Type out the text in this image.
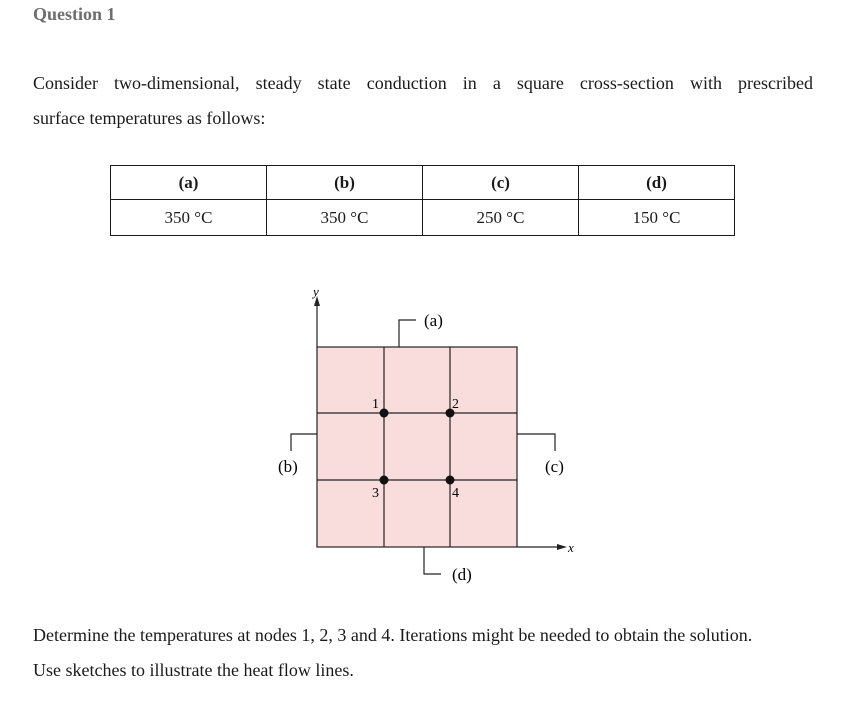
Question 1
Consider two-dimensional, steady state conduction in a square cross-section with prescribed
surface temperatures as follows:
(a)	(b)	(c)	(d)
350 °C	350 °C	250 °C	150 °C
y
x
(a)
(b)	(c)
(d)
1	2
3	4
Determine the temperatures at nodes 1, 2, 3 and 4. Iterations might be needed to obtain the solution.
Use sketches to illustrate the heat flow lines.
